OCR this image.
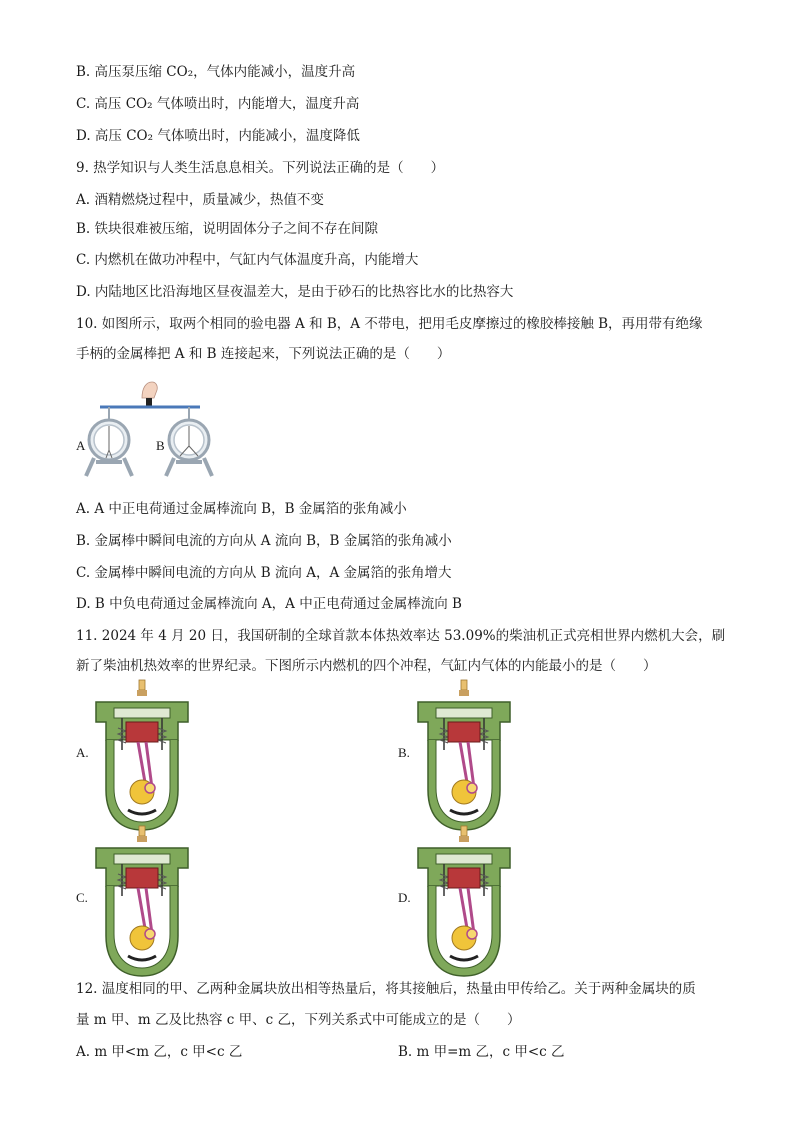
B. 高压泵压缩 CO₂，气体内能减小，温度升高
C. 高压 CO₂ 气体喷出时，内能增大，温度升高
D. 高压 CO₂ 气体喷出时，内能减小，温度降低
9. 热学知识与人类生活息息相关。下列说法正确的是（　　）
A. 酒精燃烧过程中，质量减少，热值不变
B. 铁块很难被压缩，说明固体分子之间不存在间隙
C. 内燃机在做功冲程中，气缸内气体温度升高，内能增大
D. 内陆地区比沿海地区昼夜温差大，是由于砂石的比热容比水的比热容大
10. 如图所示，取两个相同的验电器 A 和 B，A 不带电，把用毛皮摩擦过的橡胶棒接触 B，再用带有绝缘
手柄的金属棒把 A 和 B 连接起来，下列说法正确的是（　　）
A	B
A. A 中正电荷通过金属棒流向 B，B 金属箔的张角减小
B. 金属棒中瞬间电流的方向从 A 流向 B，B 金属箔的张角减小
C. 金属棒中瞬间电流的方向从 B 流向 A，A 金属箔的张角增大
D. B 中负电荷通过金属棒流向 A，A 中正电荷通过金属棒流向 B
11. 2024 年 4 月 20 日，我国研制的全球首款本体热效率达 53.09%的柴油机正式亮相世界内燃机大会，刷
新了柴油机热效率的世界纪录。下图所示内燃机的四个冲程，气缸内气体的内能最小的是（　　）
A.	B.
C.	D.
12. 温度相同的甲、乙两种金属块放出相等热量后，将其接触后，热量由甲传给乙。关于两种金属块的质
量 m 甲、m 乙及比热容 c 甲、c 乙，下列关系式中可能成立的是（　　）
A. m 甲<m 乙，c 甲<c 乙	B. m 甲=m 乙，c 甲<c 乙
